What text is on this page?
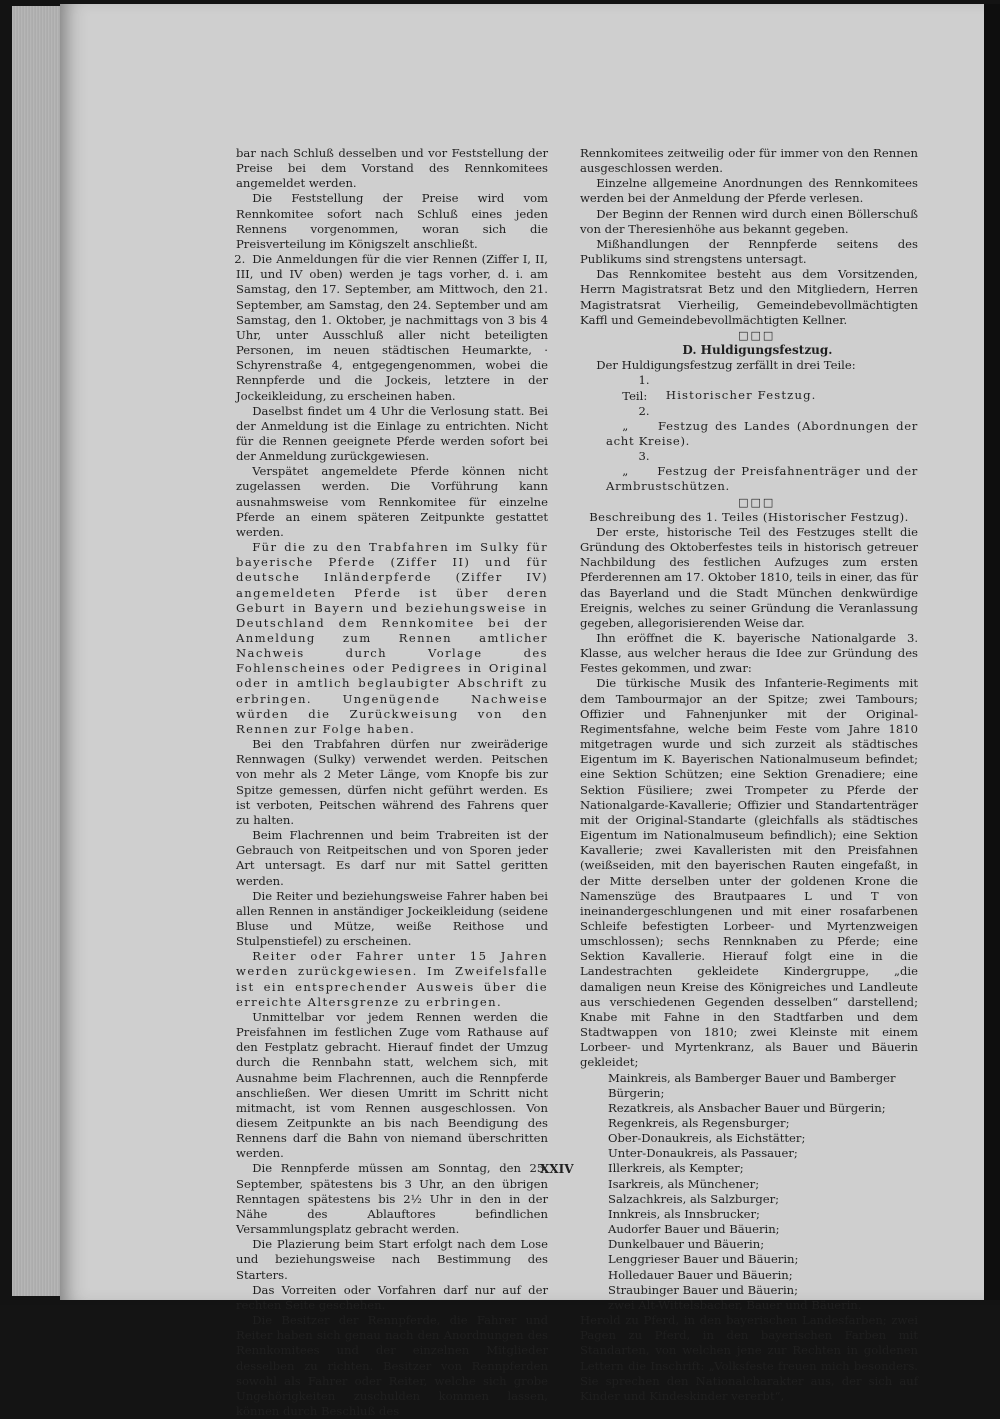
bar nach Schluß desselben und vor Feststellung der Preise bei dem Vorstand des Rennkomitees angemeldet werden.

Die Feststellung der Preise wird vom Rennkomitee sofort nach Schluß eines jeden Rennens vorgenommen, woran sich die Preisverteilung im Königszelt anschließt.

2. Die Anmeldungen für die vier Rennen (Ziffer I, II, III, und IV oben) werden je tags vorher, d. i. am Samstag, den 17. September, am Mittwoch, den 21. September, am Samstag, den 24. September und am Samstag, den 1. Oktober, je nachmittags von 3 bis 4 Uhr, unter Ausschluß aller nicht beteiligten Personen, im neuen städtischen Heumarkte, · Schyrenstraße 4, entgegengenommen, wobei die Rennpferde und die Jockeis, letztere in der Jockeikleidung, zu erscheinen haben.

Daselbst findet um 4 Uhr die Verlosung statt. Bei der Anmeldung ist die Einlage zu entrichten. Nicht für die Rennen geeignete Pferde werden sofort bei der Anmeldung zurückgewiesen.

Verspätet angemeldete Pferde können nicht zugelassen werden. Die Vorführung kann ausnahmsweise vom Rennkomitee für einzelne Pferde an einem späteren Zeitpunkte gestattet werden.

Für die zu den Trabfahren im Sulky für bayerische Pferde (Ziffer II) und für deutsche Inländerpferde (Ziffer IV) angemeldeten Pferde ist über deren Geburt in Bayern und beziehungsweise in Deutschland dem Rennkomitee bei der Anmeldung zum Rennen amtlicher Nachweis durch Vorlage des Fohlenscheines oder Pedigrees in Original oder in amtlich beglaubigter Abschrift zu erbringen. Ungenügende Nachweise würden die Zurückweisung von den Rennen zur Folge haben.

Bei den Trabfahren dürfen nur zweiräderige Rennwagen (Sulky) verwendet werden. Peitschen von mehr als 2 Meter Länge, vom Knopfe bis zur Spitze gemessen, dürfen nicht geführt werden. Es ist verboten, Peitschen während des Fahrens quer zu halten.

Beim Flachrennen und beim Trabreiten ist der Gebrauch von Reitpeitschen und von Sporen jeder Art untersagt. Es darf nur mit Sattel geritten werden.

Die Reiter und beziehungsweise Fahrer haben bei allen Rennen in anständiger Jockeikleidung (seidene Bluse und Mütze, weiße Reithose und Stulpenstiefel) zu erscheinen.

Reiter oder Fahrer unter 15 Jahren werden zurückgewiesen. Im Zweifelsfalle ist ein entsprechender Ausweis über die erreichte Altersgrenze zu erbringen.

Unmittelbar vor jedem Rennen werden die Preisfahnen im festlichen Zuge vom Rathause auf den Festplatz gebracht. Hierauf findet der Umzug durch die Rennbahn statt, welchem sich, mit Ausnahme beim Flachrennen, auch die Rennpferde anschließen. Wer diesen Umritt im Schritt nicht mitmacht, ist vom Rennen ausgeschlossen. Von diesem Zeitpunkte an bis nach Beendigung des Rennens darf die Bahn von niemand überschritten werden.

Die Rennpferde müssen am Sonntag, den 25. September, spätestens bis 3 Uhr, an den übrigen Renntagen spätestens bis 2½ Uhr in den in der Nähe des Ablauftores befindlichen Versammlungsplatz gebracht werden.

Die Plazierung beim Start erfolgt nach dem Lose und beziehungsweise nach Bestimmung des Starters.

Das Vorreiten oder Vorfahren darf nur auf der rechten Seite geschehen.

Die Besitzer der Rennpferde, die Fahrer und Reiter haben sich genau nach den Anordnungen des Rennkomitees und der einzelnen Mitglieder desselben zu richten. Besitzer von Rennpferden sowohl als Fahrer oder Reiter, welche sich grobe Ungehörigkeiten zuschulden kommen lassen, können durch Beschluß des

Rennkomitees zeitweilig oder für immer von den Rennen ausgeschlossen werden.

Einzelne allgemeine Anordnungen des Rennkomitees werden bei der Anmeldung der Pferde verlesen.

Der Beginn der Rennen wird durch einen Böllerschuß von der Theresienhöhe aus bekannt gegeben.

Mißhandlungen der Rennpferde seitens des Publikums sind strengstens untersagt.

Das Rennkomitee besteht aus dem Vorsitzenden, Herrn Magistratsrat Betz und den Mitgliedern, Herren Magistratsrat Vierheilig, Gemeindebevollmächtigten Kaffl und Gemeindebevollmächtigten Kellner.

□□□

D. Huldigungsfestzug.

Der Huldigungsfestzug zerfällt in drei Teile:

1. Teil: Historischer Festzug.

2. „	Festzug des Landes (Abordnungen der acht Kreise).

3. „ Festzug der Preisfahnenträger und der Armbrustschützen.

□□□

Beschreibung des 1. Teiles (Historischer Festzug).

Der erste, historische Teil des Festzuges stellt die Gründung des Oktoberfestes teils in historisch getreuer Nachbildung des festlichen Aufzuges zum ersten Pferderennen am 17. Oktober 1810, teils in einer, das für das Bayerland und die Stadt München denkwürdige Ereignis, welches zu seiner Gründung die Veranlassung gegeben, allegorisierenden Weise dar.

Ihn eröffnet die K. bayerische Nationalgarde 3. Klasse, aus welcher heraus die Idee zur Gründung des Festes gekommen, und zwar:

Die türkische Musik des Infanterie-Regiments mit dem Tambourmajor an der Spitze; zwei Tambours; Offizier und Fahnenjunker mit der Original-Regimentsfahne, welche beim Feste vom Jahre 1810 mitgetragen wurde und sich zurzeit als städtisches Eigentum im K. Bayerischen Nationalmuseum befindet; eine Sektion Schützen; eine Sektion Grenadiere; eine Sektion Füsiliere; zwei Trompeter zu Pferde der Nationalgarde-Kavallerie; Offizier und Standartenträger mit der Original-Standarte (gleichfalls als städtisches Eigentum im Nationalmuseum befindlich); eine Sektion Kavallerie; zwei Kavalleristen mit den Preisfahnen (weißseiden, mit den bayerischen Rauten eingefaßt, in der Mitte derselben unter der goldenen Krone die Namenszüge des Brautpaares L und T von ineinandergeschlungenen und mit einer rosafarbenen Schleife befestigten Lorbeer- und Myrtenzweigen umschlossen); sechs Rennknaben zu Pferde; eine Sektion Kavallerie. Hierauf folgt eine in die Landestrachten gekleidete Kindergruppe, „die damaligen neun Kreise des Königreiches und Landleute aus verschiedenen Gegenden desselben“ darstellend; Knabe mit Fahne in den Stadtfarben und dem Stadtwappen von 1810; zwei Kleinste mit einem Lorbeer- und Myrtenkranz, als Bauer und Bäuerin gekleidet;

Mainkreis, als Bamberger Bauer und Bamberger Bürgerin;

Rezatkreis, als Ansbacher Bauer und Bürgerin;

Regenkreis, als Regensburger;

Ober-Donaukreis, als Eichstätter;

Unter-Donaukreis, als Passauer;

Illerkreis, als Kempter;

Isarkreis, als Münchener;

Salzachkreis, als Salzburger;

Innkreis, als Innsbrucker;

Audorfer Bauer und Bäuerin;

Dunkelbauer und Bäuerin;

Lenggrieser Bauer und Bäuerin;

Holledauer Bauer und Bäuerin;

Straubinger Bauer und Bäuerin;

zwei Alt-Wittelsbacher, Bauer und Bäuerin.

Herold zu Pferd, in den bayerischen Landesfarben; zwei Pagen zu Pferd, in den bayerischen Farben mit Standarten, von welchen jene zur Rechten in goldenen Lettern die Inschrift: „Volksfeste freuen mich besonders. Sie sprechen den Nationalcharakter aus, der sich auf Kinder und Kindeskinder vererbt“,

XXIV
